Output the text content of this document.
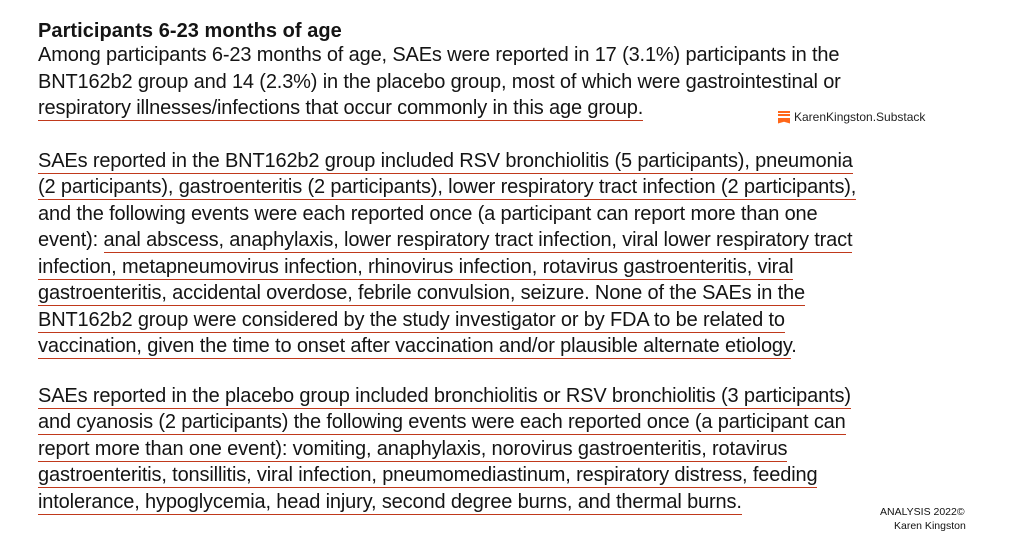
Participants 6-23 months of age

Among participants 6-23 months of age, SAEs were reported in 17 (3.1%) participants in the
BNT162b2 group and 14 (2.3%) in the placebo group, most of which were gastrointestinal or
respiratory illnesses/infections that occur commonly in this age group.
SAEs reported in the BNT162b2 group included RSV bronchiolitis (5 participants), pneumonia
(2 participants), gastroenteritis (2 participants), lower respiratory tract infection (2 participants),
and the following events were each reported once (a participant can report more than one
event): anal abscess, anaphylaxis, lower respiratory tract infection, viral lower respiratory tract
infection, metapneumovirus infection, rhinovirus infection, rotavirus gastroenteritis, viral
gastroenteritis, accidental overdose, febrile convulsion, seizure. None of the SAEs in the
BNT162b2 group were considered by the study investigator or by FDA to be related to
vaccination, given the time to onset after vaccination and/or plausible alternate etiology.
SAEs reported in the placebo group included bronchiolitis or RSV bronchiolitis (3 participants)
and cyanosis (2 participants) the following events were each reported once (a participant can
report more than one event): vomiting, anaphylaxis, norovirus gastroenteritis, rotavirus
gastroenteritis, tonsillitis, viral infection, pneumomediastinum, respiratory distress, feeding
intolerance, hypoglycemia, head injury, second degree burns, and thermal burns.
KarenKingston.Substack
ANALYSIS 2022©
Karen Kingston
